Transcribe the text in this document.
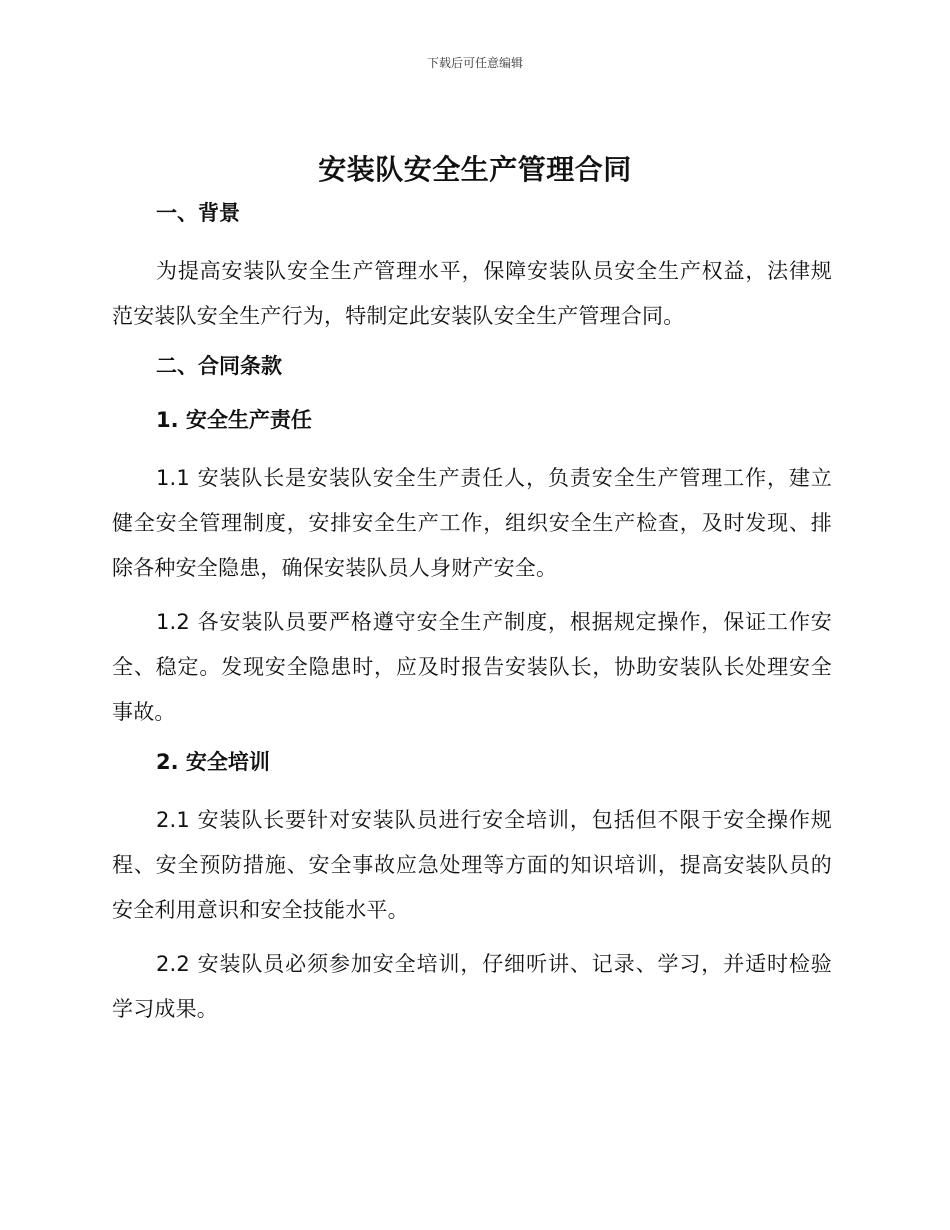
下载后可任意编辑
安装队安全生产管理合同
一、背景
为提高安装队安全生产管理水平，保障安装队员安全生产权益，法律规范安装队安全生产行为，特制定此安装队安全生产管理合同。
二、合同条款
1. 安全生产责任
1.1 安装队长是安装队安全生产责任人，负责安全生产管理工作，建立健全安全管理制度，安排安全生产工作，组织安全生产检查，及时发现、排除各种安全隐患，确保安装队员人身财产安全。
1.2 各安装队员要严格遵守安全生产制度，根据规定操作，保证工作安全、稳定。发现安全隐患时，应及时报告安装队长，协助安装队长处理安全事故。
2. 安全培训
2.1 安装队长要针对安装队员进行安全培训，包括但不限于安全操作规程、安全预防措施、安全事故应急处理等方面的知识培训，提高安装队员的安全利用意识和安全技能水平。
2.2 安装队员必须参加安全培训，仔细听讲、记录、学习，并适时检验学习成果。
